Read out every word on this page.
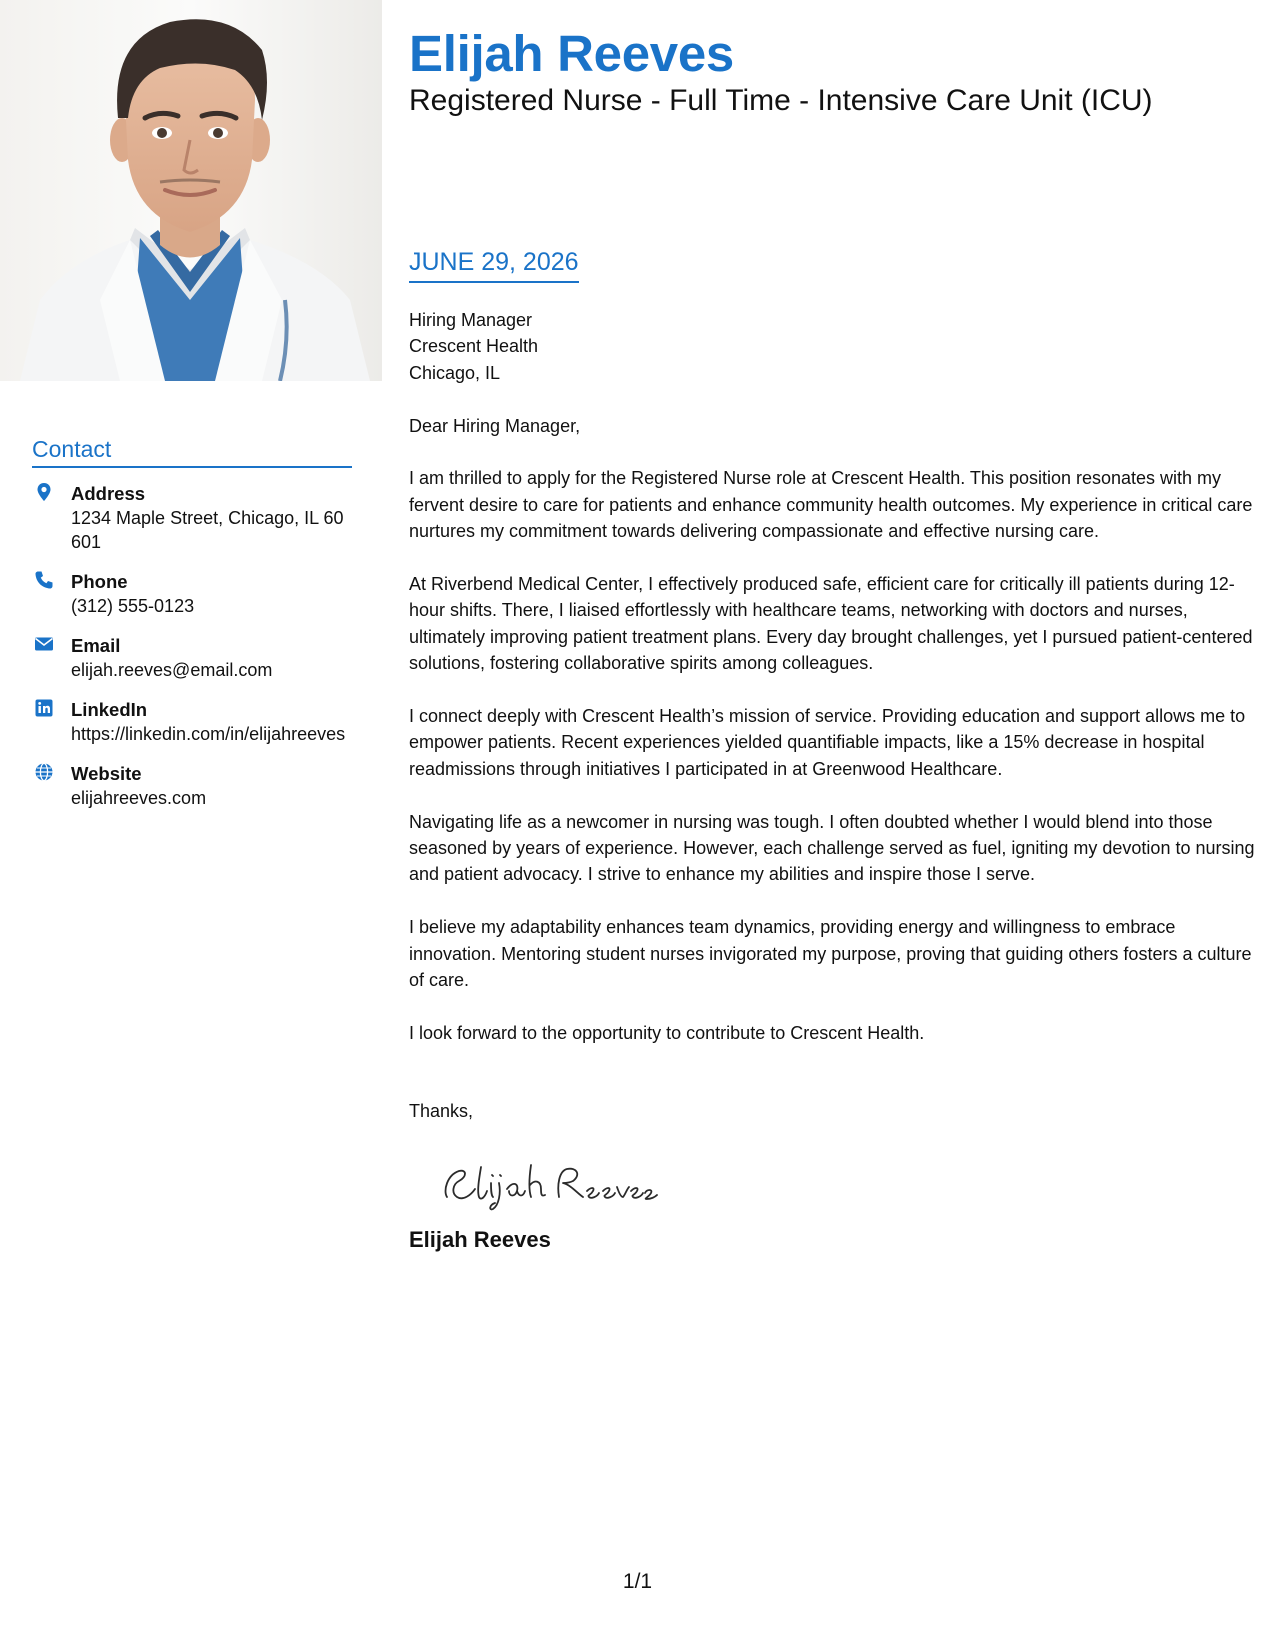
Contact
Address
1234 Maple Street, Chicago, IL 60601
Phone
(312) 555-0123
Email
elijah.reeves@email.com
LinkedIn
https://linkedin.com/in/elijahreeves
Website
elijahreeves.com
Elijah Reeves
Registered Nurse - Full Time - Intensive Care Unit (ICU)
JUNE 29, 2026
Hiring Manager
Crescent Health
Chicago, IL

Dear Hiring Manager,

I am thrilled to apply for the Registered Nurse role at Crescent Health. This position resonates with my fervent desire to care for patients and enhance community health outcomes. My experience in critical care nurtures my commitment towards delivering compassionate and effective nursing care.

At Riverbend Medical Center, I effectively produced safe, efficient care for critically ill patients during 12-hour shifts. There, I liaised effortlessly with healthcare teams, networking with doctors and nurses, ultimately improving patient treatment plans. Every day brought challenges, yet I pursued patient-centered solutions, fostering collaborative spirits among colleagues.

I connect deeply with Crescent Health’s mission of service. Providing education and support allows me to empower patients. Recent experiences yielded quantifiable impacts, like a 15% decrease in hospital readmissions through initiatives I participated in at Greenwood Healthcare.

Navigating life as a newcomer in nursing was tough. I often doubted whether I would blend into those seasoned by years of experience. However, each challenge served as fuel, igniting my devotion to nursing and patient advocacy. I strive to enhance my abilities and inspire those I serve.

I believe my adaptability enhances team dynamics, providing energy and willingness to embrace innovation. Mentoring student nurses invigorated my purpose, proving that guiding others fosters a culture of care.

I look forward to the opportunity to contribute to Crescent Health.

Thanks,
Elijah Reeves
1/1
